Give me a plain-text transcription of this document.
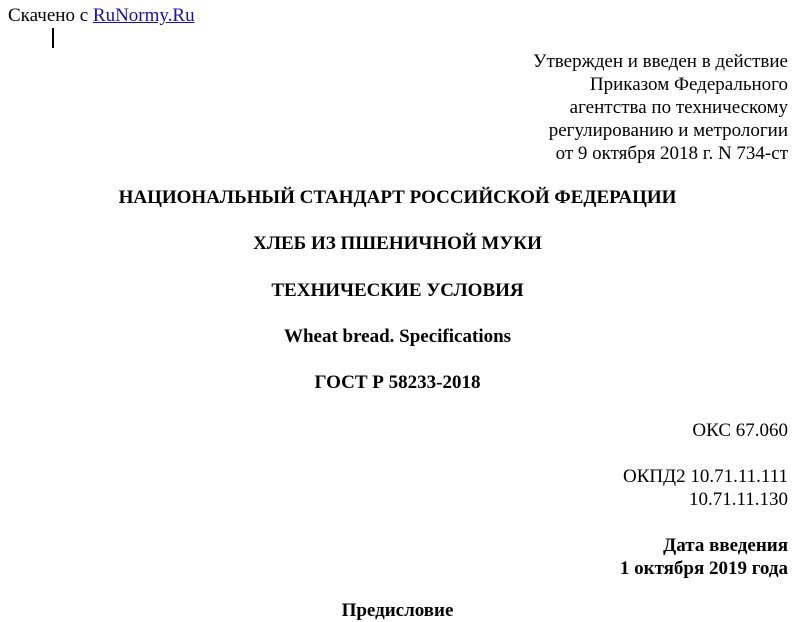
Скачено с RuNormy.Ru
Утвержден и введен в действие
Приказом Федерального
агентства по техническому
регулированию и метрологии
от 9 октября 2018 г. N 734-ст
НАЦИОНАЛЬНЫЙ СТАНДАРТ РОССИЙСКОЙ ФЕДЕРАЦИИ
ХЛЕБ ИЗ ПШЕНИЧНОЙ МУКИ
ТЕХНИЧЕСКИЕ УСЛОВИЯ
Wheat bread. Specifications
ГОСТ Р 58233-2018
ОКС 67.060
ОКПД2 10.71.11.111
10.71.11.130
Дата введения
1 октября 2019 года
Предисловие
